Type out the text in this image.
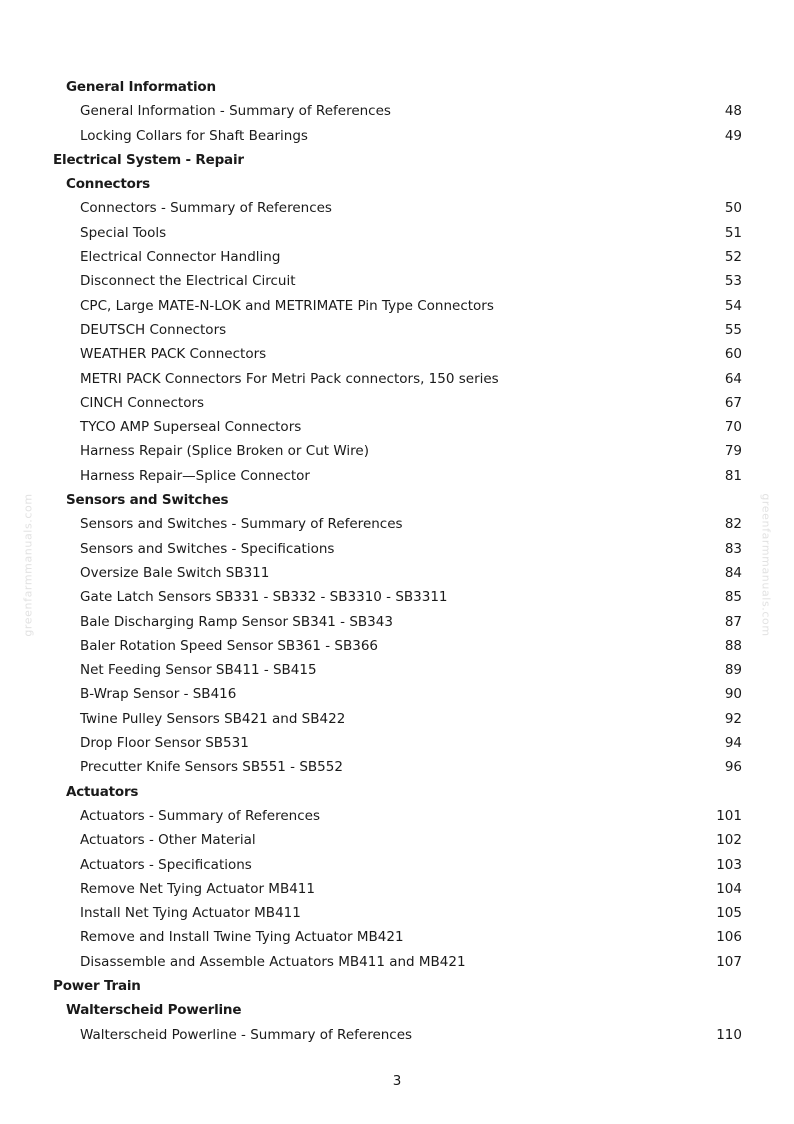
greenfarmmanuals.com	greenfarmmanuals.com
General Information
General Information - Summary of References	48
Locking Collars for Shaft Bearings	49
Electrical System - Repair
Connectors
Connectors - Summary of References	50
Special Tools	51
Electrical Connector Handling	52
Disconnect the Electrical Circuit	53
CPC, Large MATE-N-LOK and METRIMATE Pin Type Connectors	54
DEUTSCH Connectors	55
WEATHER PACK Connectors	60
METRI PACK Connectors For Metri Pack connectors, 150 series	64
CINCH Connectors	67
TYCO AMP Superseal Connectors	70
Harness Repair (Splice Broken or Cut Wire)	79
Harness Repair—Splice Connector	81
Sensors and Switches
Sensors and Switches - Summary of References	82
Sensors and Switches - Specifications	83
Oversize Bale Switch SB311	84
Gate Latch Sensors SB331 - SB332 - SB3310 - SB3311	85
Bale Discharging Ramp Sensor SB341 - SB343	87
Baler Rotation Speed Sensor SB361 - SB366	88
Net Feeding Sensor SB411 - SB415	89
B-Wrap Sensor - SB416	90
Twine Pulley Sensors SB421 and SB422	92
Drop Floor Sensor SB531	94
Precutter Knife Sensors SB551 - SB552	96
Actuators
Actuators - Summary of References	101
Actuators - Other Material	102
Actuators - Specifications	103
Remove Net Tying Actuator MB411	104
Install Net Tying Actuator MB411	105
Remove and Install Twine Tying Actuator MB421	106
Disassemble and Assemble Actuators MB411 and MB421	107
Power Train
Walterscheid Powerline
Walterscheid Powerline - Summary of References	110
3
